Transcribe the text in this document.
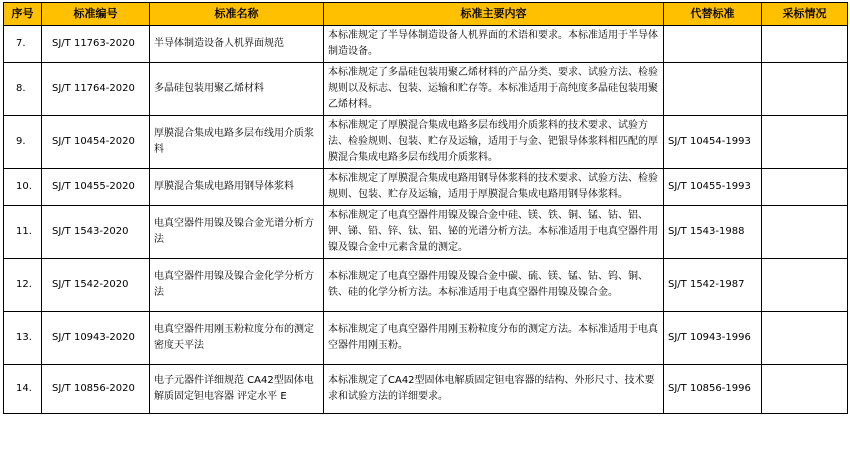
序号	标准编号	标准名称	标准主要内容	代替标准	采标情况
7.	SJ/T 11763-2020	半导体制造设备人机界面规范	本标准规定了半导体制造设备人机界面的术语和要求。本标准适用于半导体制造设备。		
8.	SJ/T 11764-2020	多晶硅包装用聚乙烯材料	本标准规定了多晶硅包装用聚乙烯材料的产品分类、要求、试验方法、检验规则以及标志、包装、运输和贮存等。本标准适用于高纯度多晶硅包装用聚乙烯材料。		
9.	SJ/T 10454-2020	厚膜混合集成电路多层布线用介质浆料	本标准规定了厚膜混合集成电路多层布线用介质浆料的技术要求、试验方法、检验规则、包装、贮存及运输，适用于与金、钯银导体浆料相匹配的厚膜混合集成电路多层布线用介质浆料。	SJ/T 10454-1993	
10.	SJ/T 10455-2020	厚膜混合集成电路用钢导体浆料	本标准规定了厚膜混合集成电路用钢导体浆料的技术要求、试验方法、检验规则、包装、贮存及运输，适用于厚膜混合集成电路用钢导体浆料。	SJ/T 10455-1993	
11.	SJ/T 1543-2020	电真空器件用镍及镍合金光谱分析方法	本标准规定了电真空器件用镍及镍合金中硅、镁、铁、铜、锰、钴、铝、钾、锑、铅、锌、钛、铝、铋的光谱分析方法。本标准适用于电真空器件用镍及镍合金中元素含量的测定。	SJ/T 1543-1988	
12.	SJ/T 1542-2020	电真空器件用镍及镍合金化学分析方法	本标准规定了电真空器件用镍及镍合金中碳、硫、镁、锰、钴、钨、铜、铁、硅的化学分析方法。本标准适用于电真空器件用镍及镍合金。	SJ/T 1542-1987	
13.	SJ/T 10943-2020	电真空器件用刚玉粉粒度分布的测定 密度天平法	本标准规定了电真空器件用刚玉粉粒度分布的测定方法。本标准适用于电真空器件用刚玉粉。	SJ/T 10943-1996	
14.	SJ/T 10856-2020	电子元器件详细规范 CA42型固体电解质固定钽电容器 评定水平 E	本标准规定了CA42型固体电解质固定钽电容器的结构、外形尺寸、技术要求和试验方法的详细要求。	SJ/T 10856-1996	
